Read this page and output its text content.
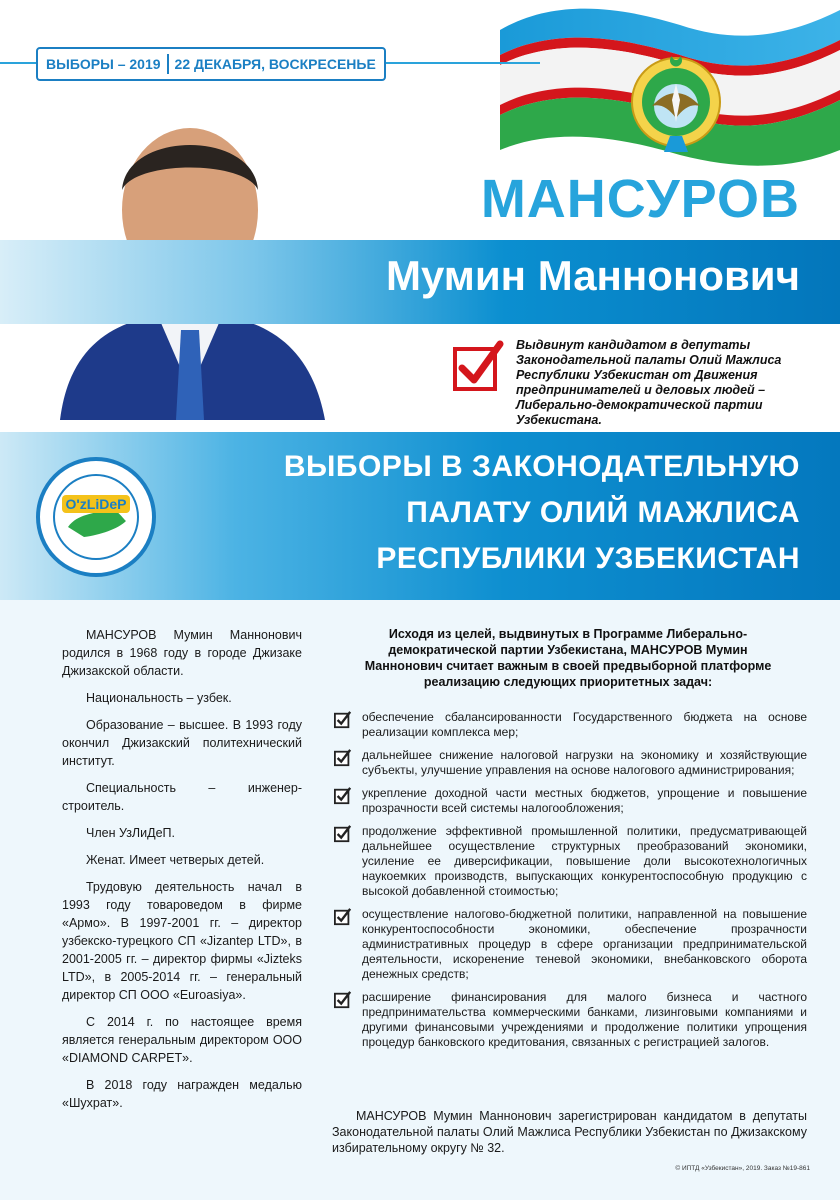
ВЫБОРЫ – 2019 22 ДЕКАБРЯ, ВОСКРЕСЕНЬЕ
МАНСУРОВ
Мумин Маннонович
Выдвинут кандидатом в депутаты Законодательной палаты Олий Мажлиса Республики Узбекистан от Движения предпринимателей и деловых людей – Либерально-демократической партии Узбекистана.
ВЫБОРЫ В ЗАКОНОДАТЕЛЬНУЮ
ПАЛАТУ ОЛИЙ МАЖЛИСА
РЕСПУБЛИКИ УЗБЕКИСТАН
O'zLiDeP

МАНСУРОВ Мумин Маннонович родился в 1968 году в городе Джизаке Джизакской области.

Национальность – узбек.

Образование – высшее. В 1993 году окончил Джизакский политехнический институт.

Специальность – инженер-строитель.

Член УзЛиДеП.

Женат. Имеет четверых детей.

Трудовую деятельность начал в 1993 году товароведом в фирме «Армо». В 1997-2001 гг. – директор узбекско-турецкого СП «Jizantep LTD», в 2001-2005 гг. – директор фирмы «Jizteks LTD», в 2005-2014 гг. – генеральный директор СП ООО «Euroasiya».

С 2014 г. по настоящее время является генеральным директором ООО «DIAMOND CARPET».

В 2018 году награжден медалью «Шухрат».

Исходя из целей, выдвинутых в Программе Либерально-демократической партии Узбекистана, МАНСУРОВ Мумин Маннонович считает важным в своей предвыборной платформе реализацию следующих приоритетных задач:
обеспечение сбалансированности Государственного бюджета на основе реализации комплекса мер;
дальнейшее снижение налоговой нагрузки на экономику и хозяйствующие субъекты, улучшение управления на основе налогового администрирования;
укрепление доходной части местных бюджетов, упрощение и повышение прозрачности всей системы налогообложения;
продолжение эффективной промышленной политики, предусматривающей дальнейшее осуществление структурных преобразований экономики, усиление ее диверсификации, повышение доли высокотехнологичных наукоемких производств, выпускающих конкурентоспособную продукцию с высокой добавленной стоимостью;
осуществление налогово-бюджетной политики, направленной на повышение конкурентоспособности экономики, обеспечение прозрачности административных процедур в сфере организации предпринимательской деятельности, искоренение теневой экономики, внебанковского оборота денежных средств;
расширение финансирования для малого бизнеса и частного предпринимательства коммерческими банками, лизинговыми компаниями и другими финансовыми учреждениями и продолжение политики упрощения процедур банковского кредитования, связанных с регистрацией залогов.
МАНСУРОВ Мумин Маннонович зарегистрирован кандидатом в депутаты Законодательной палаты Олий Мажлиса Республики Узбекистан по Джизакскому избирательному округу № 32.
© ИПТД «Узбекистан», 2019. Заказ №19-861
